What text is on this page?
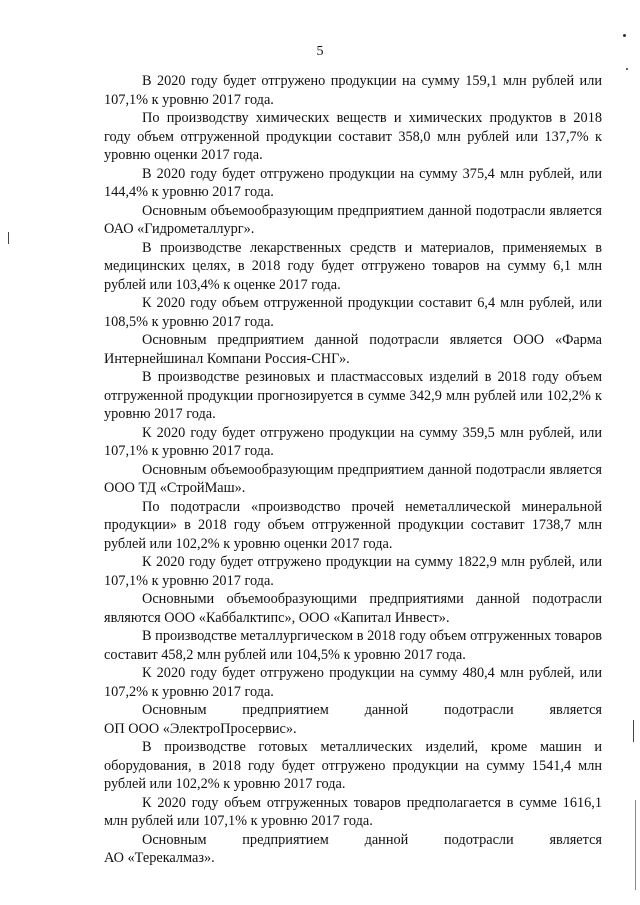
5

В 2020 году будет отгружено продукции на сумму 159,1 млн рублей или 107,1% к уровню 2017 года.

По производству химических веществ и химических продуктов в 2018 году объем отгруженной продукции составит 358,0 млн рублей или 137,7% к уровню оценки 2017 года.

В 2020 году будет отгружено продукции на сумму 375,4 млн рублей, или 144,4% к уровню 2017 года.

Основным объемообразующим предприятием данной подотрасли является ОАО «Гидрометаллург».

В производстве лекарственных средств и материалов, применяемых в медицинских целях, в 2018 году будет отгружено товаров на сумму 6,1 млн рублей или 103,4% к оценке 2017 года.

К 2020 году объем отгруженной продукции составит 6,4 млн рублей, или 108,5% к уровню 2017 года.

Основным предприятием данной подотрасли является ООО «Фарма Интернейшинал Компани Россия-СНГ».

В производстве резиновых и пластмассовых изделий в 2018 году объем отгруженной продукции прогнозируется в сумме 342,9 млн рублей или 102,2% к уровню 2017 года.

К 2020 году будет отгружено продукции на сумму 359,5 млн рублей, или 107,1% к уровню 2017 года.

Основным объемообразующим предприятием данной подотрасли является ООО ТД «СтройМаш».

По подотрасли «производство прочей неметаллической минеральной продукции» в 2018 году объем отгруженной продукции составит 1738,7 млн рублей или 102,2% к уровню оценки 2017 года.

К 2020 году будет отгружено продукции на сумму 1822,9 млн рублей, или 107,1% к уровню 2017 года.

Основными объемообразующими предприятиями данной подотрасли являются ООО «Каббалктипс», ООО «Капитал Инвест».

В производстве металлургическом в 2018 году объем отгруженных товаров составит 458,2 млн рублей или 104,5% к уровню 2017 года.

К 2020 году будет отгружено продукции на сумму 480,4 млн рублей, или 107,2% к уровню 2017 года.

Основным предприятием данной подотрасли является

ОП ООО «ЭлектроПросервис».

В производстве готовых металлических изделий, кроме машин и оборудования, в 2018 году будет отгружено продукции на сумму 1541,4 млн рублей или 102,2% к уровню 2017 года.

К 2020 году объем отгруженных товаров предполагается в сумме 1616,1 млн рублей или 107,1% к уровню 2017 года.

Основным предприятием данной подотрасли является

АО «Терекалмаз».
